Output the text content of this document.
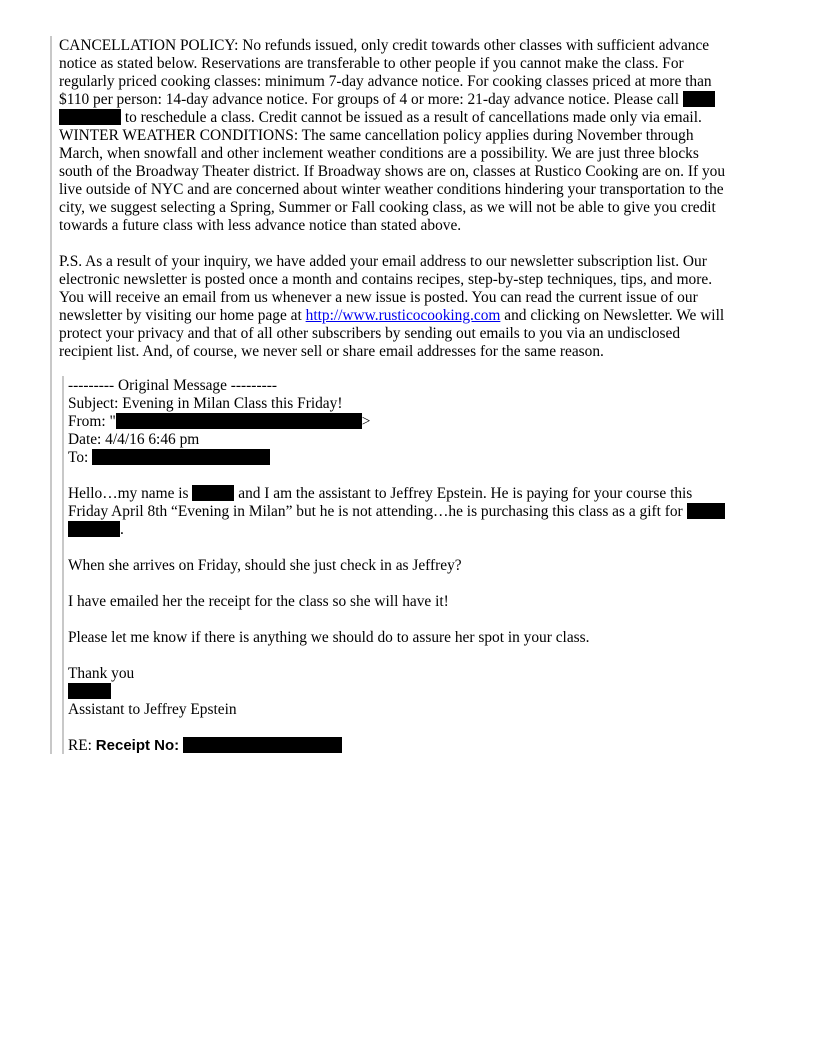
CANCELLATION POLICY: No refunds issued, only credit towards other classes with sufficient advance
notice as stated below. Reservations are transferable to other people if you cannot make the class. For
regularly priced cooking classes: minimum 7-day advance notice. For cooking classes priced at more than
$110 per person: 14-day advance notice. For groups of 4 or more: 21-day advance notice. Please call
to reschedule a class. Credit cannot be issued as a result of cancellations made only via email.
WINTER WEATHER CONDITIONS: The same cancellation policy applies during November through
March, when snowfall and other inclement weather conditions are a possibility. We are just three blocks
south of the Broadway Theater district. If Broadway shows are on, classes at Rustico Cooking are on. If you
live outside of NYC and are concerned about winter weather conditions hindering your transportation to the
city, we suggest selecting a Spring, Summer or Fall cooking class, as we will not be able to give you credit
towards a future class with less advance notice than stated above.
P.S. As a result of your inquiry, we have added your email address to our newsletter subscription list. Our
electronic newsletter is posted once a month and contains recipes, step-by-step techniques, tips, and more.
You will receive an email from us whenever a new issue is posted. You can read the current issue of our
newsletter by visiting our home page at http://www.rusticocooking.com and clicking on Newsletter. We will
protect your privacy and that of all other subscribers by sending out emails to you via an undisclosed
recipient list. And, of course, we never sell or share email addresses for the same reason.
--------- Original Message ---------
Subject: Evening in Milan Class this Friday!
From: "	>
Date: 4/4/16 6:46 pm
To:
Hello…my name is	and I am the assistant to Jeffrey Epstein. He is paying for your course this
Friday April 8th “Evening in Milan” but he is not attending…he is purchasing this class as a gift for
.
When she arrives on Friday, should she just check in as Jeffrey?
I have emailed her the receipt for the class so she will have it!
Please let me know if there is anything we should do to assure her spot in your class.
Thank you
Assistant to Jeffrey Epstein
RE: Receipt No:
